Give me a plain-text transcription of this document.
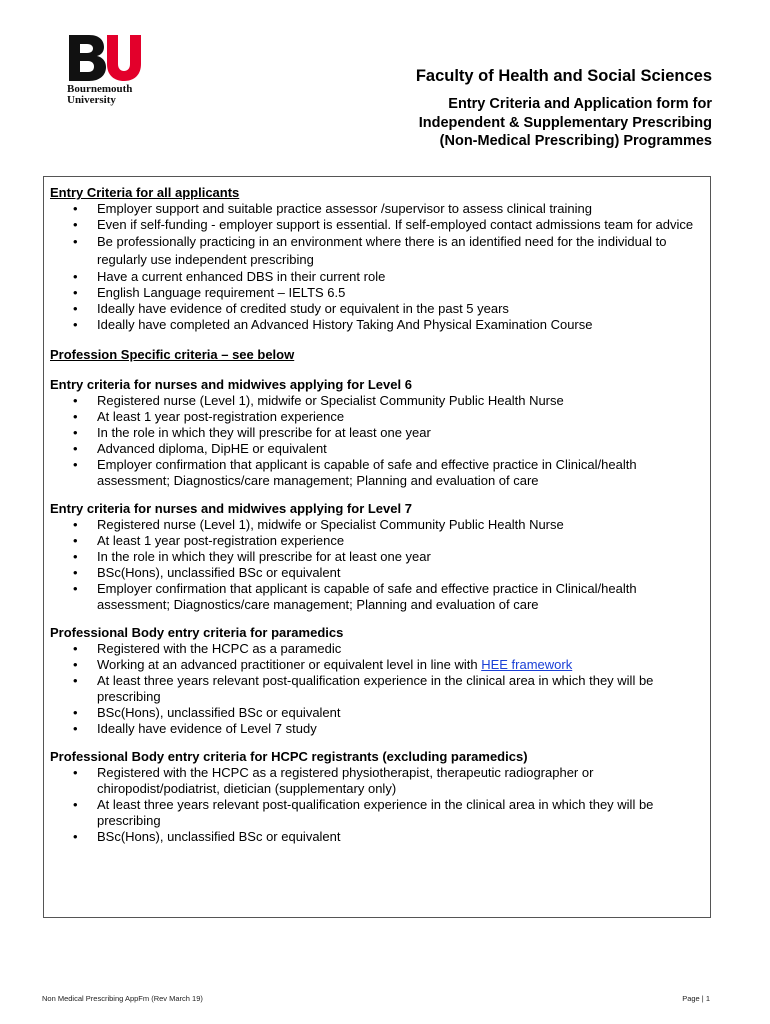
Bournemouth
University
Faculty of Health and Social Sciences
Entry Criteria and Application form for
Independent & Supplementary Prescribing
(Non-Medical Prescribing) Programmes
Entry Criteria for all applicants
• Employer support and suitable practice assessor /supervisor to assess clinical training
• Even if self-funding - employer support is essential. If self-employed contact admissions team for advice
• Be professionally practicing in an environment where there is an identified need for the individual to regularly use independent prescribing
• Have a current enhanced DBS in their current role
• English Language requirement – IELTS 6.5
• Ideally have evidence of credited study or equivalent in the past 5 years
• Ideally have completed an Advanced History Taking And Physical Examination Course
Profession Specific criteria – see below
Entry criteria for nurses and midwives applying for Level 6
• Registered nurse (Level 1), midwife or Specialist Community Public Health Nurse
• At least 1 year post-registration experience
• In the role in which they will prescribe for at least one year
• Advanced diploma, DipHE or equivalent
• Employer confirmation that applicant is capable of safe and effective practice in Clinical/health assessment; Diagnostics/care management; Planning and evaluation of care
Entry criteria for nurses and midwives applying for Level 7
• Registered nurse (Level 1), midwife or Specialist Community Public Health Nurse
• At least 1 year post-registration experience
• In the role in which they will prescribe for at least one year
• BSc(Hons), unclassified BSc or equivalent
• Employer confirmation that applicant is capable of safe and effective practice in Clinical/health assessment; Diagnostics/care management; Planning and evaluation of care
Professional Body entry criteria for paramedics
• Registered with the HCPC as a paramedic
• Working at an advanced practitioner or equivalent level in line with HEE framework
• At least three years relevant post-qualification experience in the clinical area in which they will be prescribing
• BSc(Hons), unclassified BSc or equivalent
• Ideally have evidence of Level 7 study
Professional Body entry criteria for HCPC registrants (excluding paramedics)
• Registered with the HCPC as a registered physiotherapist, therapeutic radiographer or chiropodist/podiatrist, dietician (supplementary only)
• At least three years relevant post-qualification experience in the clinical area in which they will be prescribing
• BSc(Hons), unclassified BSc or equivalent
Non Medical Prescribing AppFm (Rev March 19)	Page | 1
